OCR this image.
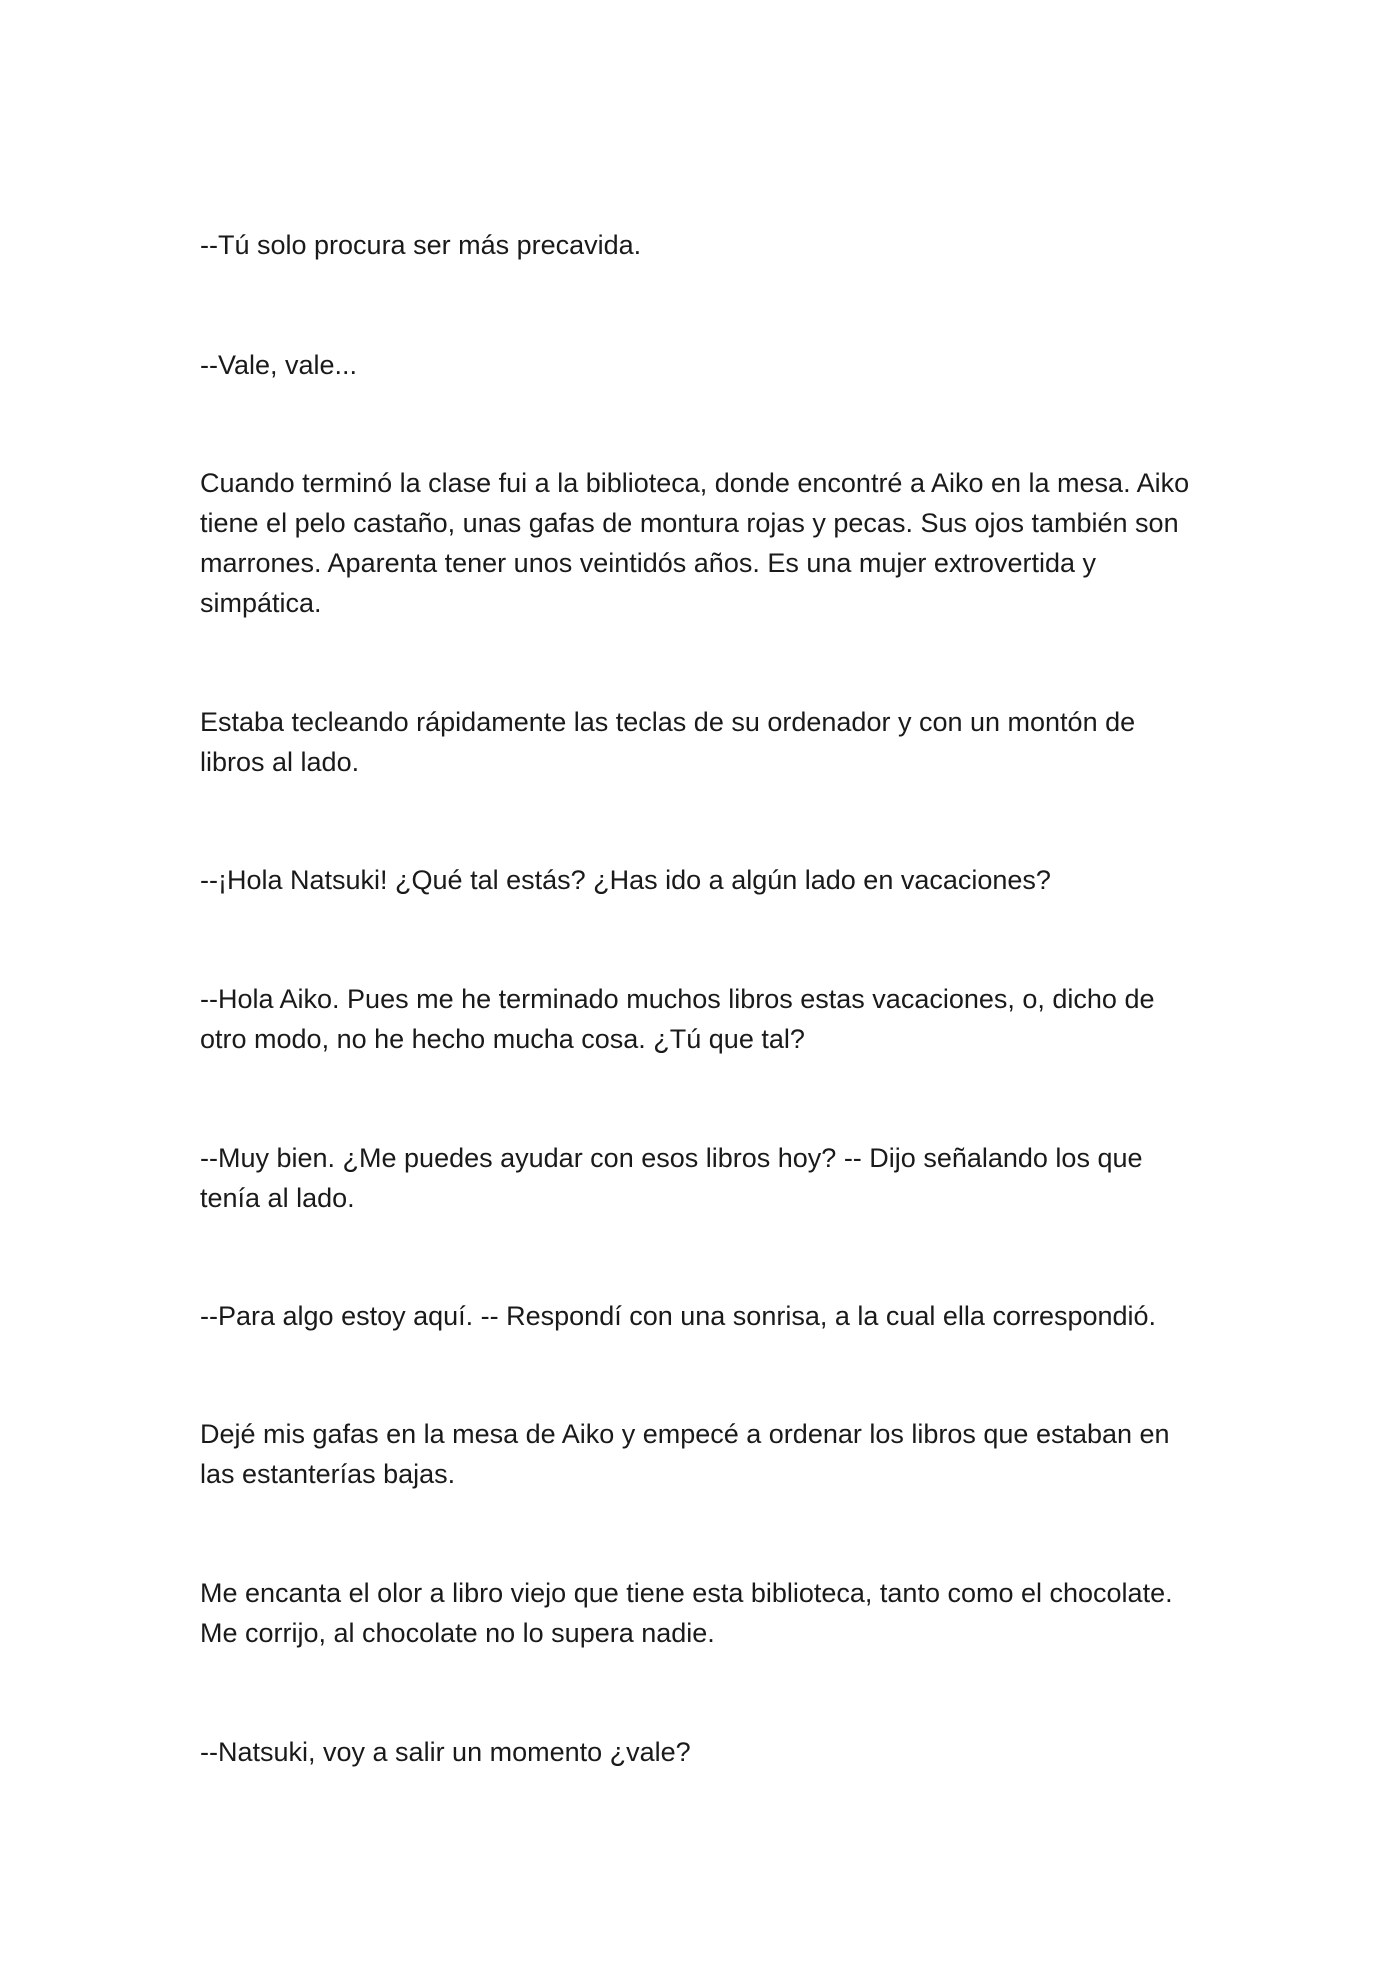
--Tú solo procura ser más precavida.

--Vale, vale...

Cuando terminó la clase fui a la biblioteca, donde encontré a Aiko en la mesa. Aiko tiene el pelo castaño, unas gafas de montura rojas y pecas. Sus ojos también son marrones. Aparenta tener unos veintidós años. Es una mujer extrovertida y simpática.

Estaba tecleando rápidamente las teclas de su ordenador y con un montón de libros al lado.

--¡Hola Natsuki! ¿Qué tal estás? ¿Has ido a algún lado en vacaciones?

--Hola Aiko. Pues me he terminado muchos libros estas vacaciones, o, dicho de otro modo, no he hecho mucha cosa. ¿Tú que tal?

--Muy bien. ¿Me puedes ayudar con esos libros hoy? -- Dijo señalando los que tenía al lado.

--Para algo estoy aquí. -- Respondí con una sonrisa, a la cual ella correspondió.

Dejé mis gafas en la mesa de Aiko y empecé a ordenar los libros que estaban en las estanterías bajas.

Me encanta el olor a libro viejo que tiene esta biblioteca, tanto como el chocolate. Me corrijo, al chocolate no lo supera nadie.

--Natsuki, voy a salir un momento ¿vale?
